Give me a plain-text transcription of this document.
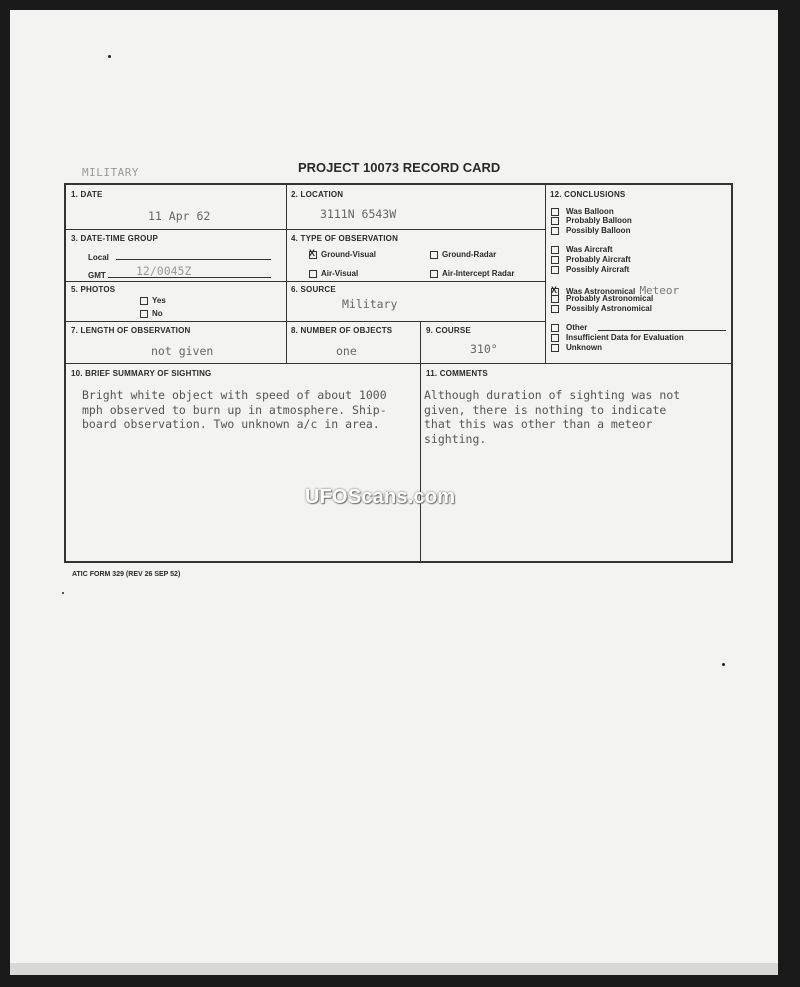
MILITARY	PROJECT 10073 RECORD CARD
1. DATE
11 Apr 62
2. LOCATION
3111N 6543W
3. DATE-TIME GROUP
Local
GMT	12/0045Z
4. TYPE OF OBSERVATION
X Ground-Visual	Ground-Radar
Air-Visual	Air-Intercept Radar
5. PHOTOS
Yes
No
6. SOURCE
Military
7. LENGTH OF OBSERVATION
not given
8. NUMBER OF OBJECTS
one
9. COURSE
310°
10. BRIEF SUMMARY OF SIGHTING
Bright white object with speed of about 1000
mph observed to burn up in atmosphere. Ship-
board observation. Two unknown a/c in area.
11. COMMENTS
Although duration of sighting was not
given, there is nothing to indicate
that this was other than a meteor
sighting.
12. CONCLUSIONS
Was Balloon
Probably Balloon
Possibly Balloon
Was Aircraft
Probably Aircraft
Possibly Aircraft
X Was Astronomical Meteor
Probably Astronomical
Possibly Astronomical
Other
Insufficient Data for Evaluation
Unknown
ATIC FORM 329 (REV 26 SEP 52)
UFOScans.com
